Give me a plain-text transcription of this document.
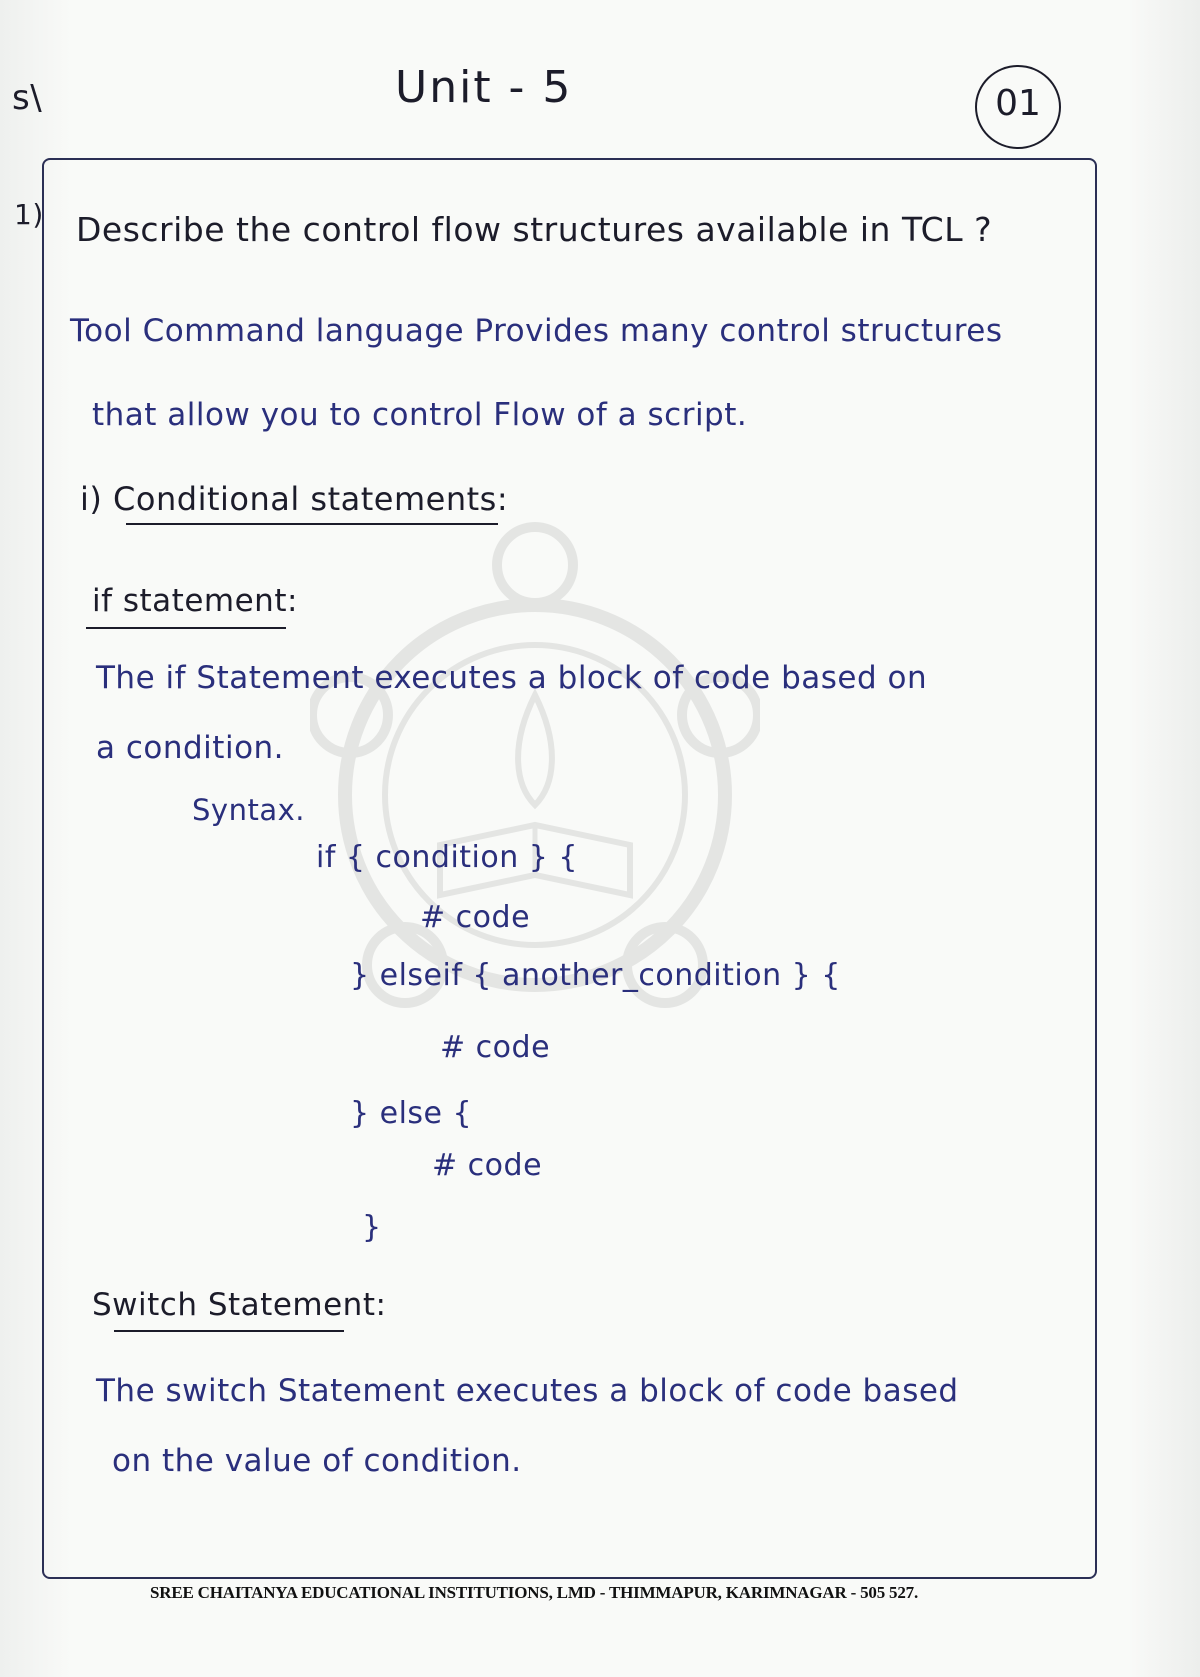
s\	Unit - 5	01
1) Describe the control flow structures available in TCL ?
Tool Command language Provides many control structures
that allow you to control Flow of a script.
i) Conditional statements:
if statement:
The if Statement executes a block of code based on
a condition.
Syntax.
if { condition } {
# code
} elseif { another_condition } {
# code
} else {
# code
}
Switch Statement:
The switch Statement executes a block of code based
on the value of condition.
SREE CHAITANYA EDUCATIONAL INSTITUTIONS, LMD - THIMMAPUR, KARIMNAGAR - 505 527.
